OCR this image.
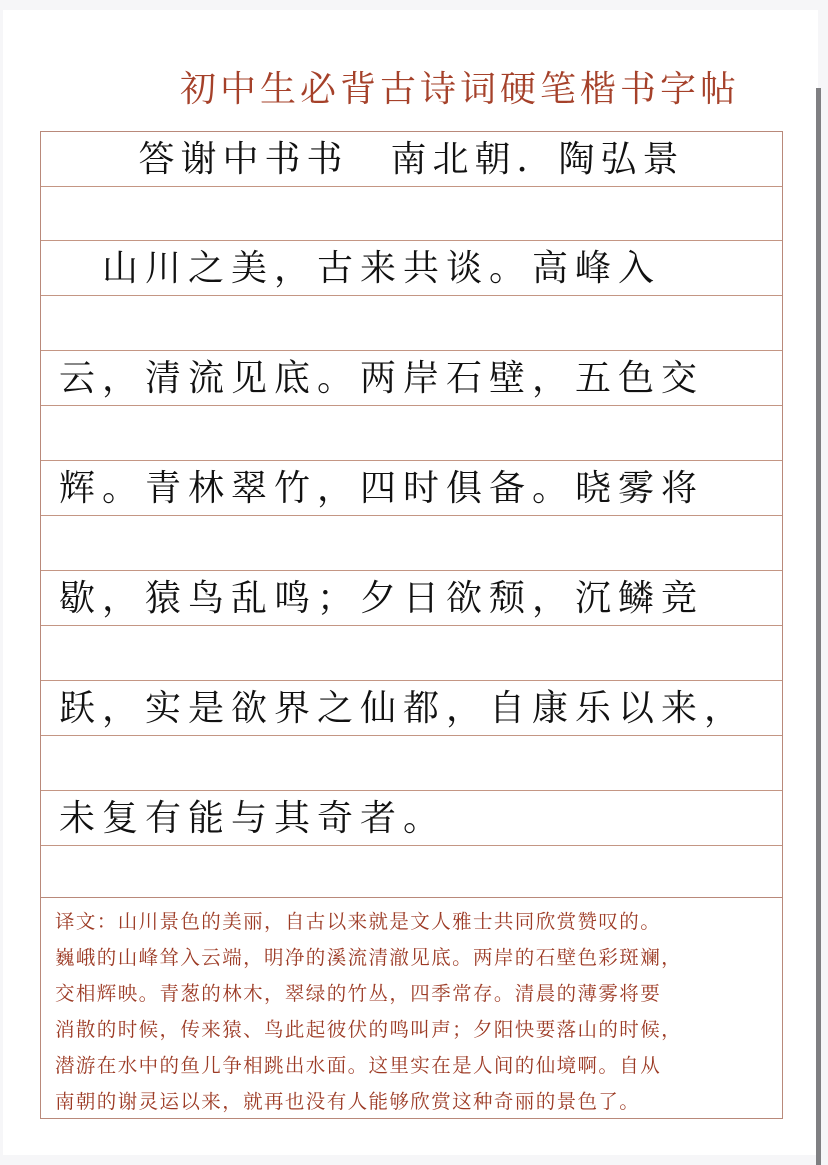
初中生必背古诗词硬笔楷书字帖
答谢中书书　南北朝．陶弘景
　山川之美，古来共谈。高峰入
云，清流见底。两岸石壁，五色交
辉。青林翠竹，四时俱备。晓雾将
歇，猿鸟乱鸣；夕日欲颓，沉鳞竞
跃，实是欲界之仙都，自康乐以来，
未复有能与其奇者。
译文：山川景色的美丽，自古以来就是文人雅士共同欣赏赞叹的。
巍峨的山峰耸入云端，明净的溪流清澈见底。两岸的石壁色彩斑斓，
交相辉映。青葱的林木，翠绿的竹丛，四季常存。清晨的薄雾将要
消散的时候，传来猿、鸟此起彼伏的鸣叫声；夕阳快要落山的时候，
潜游在水中的鱼儿争相跳出水面。这里实在是人间的仙境啊。自从
南朝的谢灵运以来，就再也没有人能够欣赏这种奇丽的景色了。
